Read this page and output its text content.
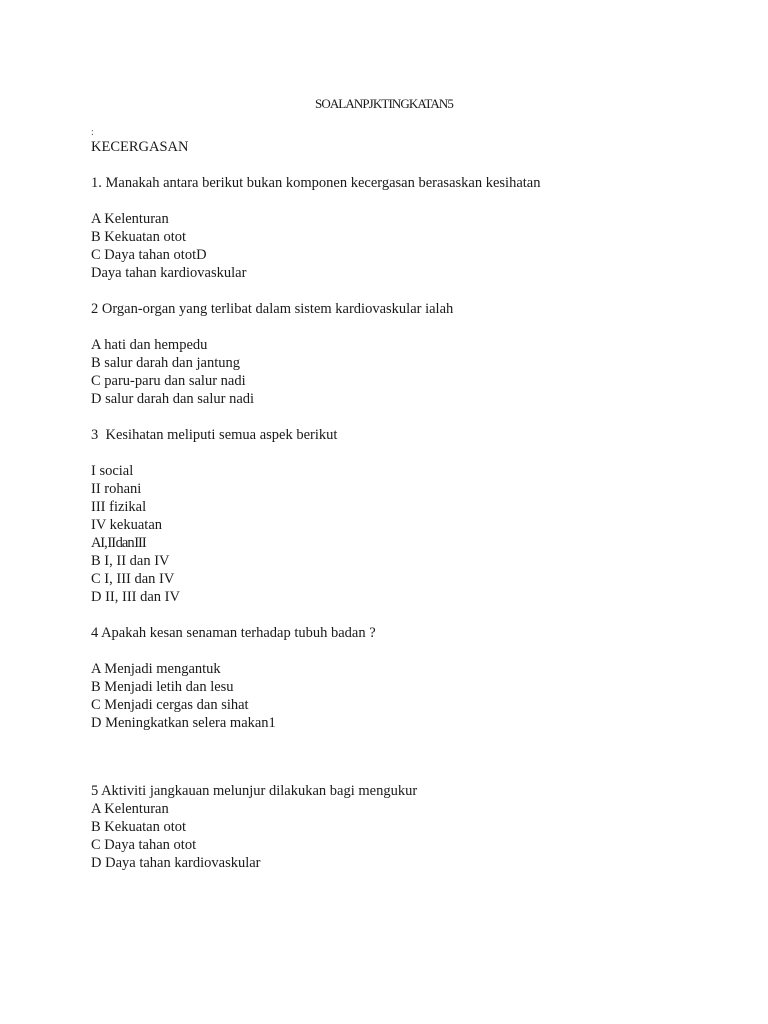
SOALANPJK TINGKATAN5
:
KECERGASAN
1. Manakah antara berikut bukan komponen kecergasan berasaskan kesihatan
A Kelenturan
B Kekuatan otot
C Daya tahan ototD
Daya tahan kardiovaskular
2 Organ-organ yang terlibat dalam sistem kardiovaskular ialah
A hati dan hempedu
B salur darah dan jantung
C paru-paru dan salur nadi
D salur darah dan salur nadi
3  Kesihatan meliputi semua aspek berikut
I social
II rohani
III fizikal
IV kekuatan
A I, II dan III
B I, II dan IV
C I, III dan IV
D II, III dan IV
4 Apakah kesan senaman terhadap tubuh badan ?
A Menjadi mengantuk
B Menjadi letih dan lesu
C Menjadi cergas dan sihat
D Meningkatkan selera makan1
5 Aktiviti jangkauan melunjur dilakukan bagi mengukur
A Kelenturan
B Kekuatan otot
C Daya tahan otot
D Daya tahan kardiovaskular
